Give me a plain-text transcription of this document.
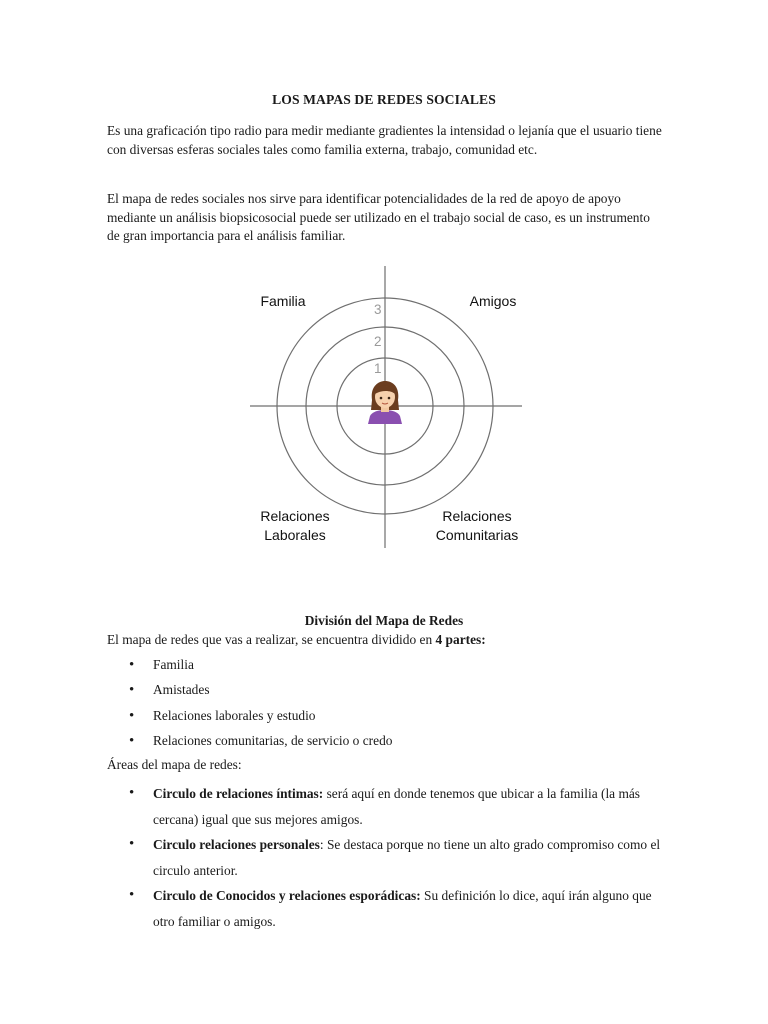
LOS MAPAS DE REDES SOCIALES

Es una graficación tipo radio para medir mediante gradientes la intensidad o lejanía que el usuario tiene con diversas esferas sociales tales como familia externa, trabajo, comunidad etc.

El mapa de redes sociales nos sirve para identificar potencialidades de la red de apoyo de apoyo mediante un análisis biopsicosocial puede ser utilizado en el trabajo social de caso, es un instrumento de gran importancia para el análisis familiar.

3
2
1
Familia	Amigos
Relaciones
Laborales
Relaciones
Comunitarias
División del Mapa de Redes
El mapa de redes que vas a realizar, se encuentra dividido en 4 partes:
• Familia
• Amistades
• Relaciones laborales y estudio
• Relaciones comunitarias, de servicio o credo
Áreas del mapa de redes:
• Circulo de relaciones íntimas: será aquí en donde tenemos que ubicar a la familia (la más cercana) igual que sus mejores amigos.
• Circulo relaciones personales: Se destaca porque no tiene un alto grado compromiso como el circulo anterior.
• Circulo de Conocidos y relaciones esporádicas: Su definición lo dice, aquí irán alguno que otro familiar o amigos.
